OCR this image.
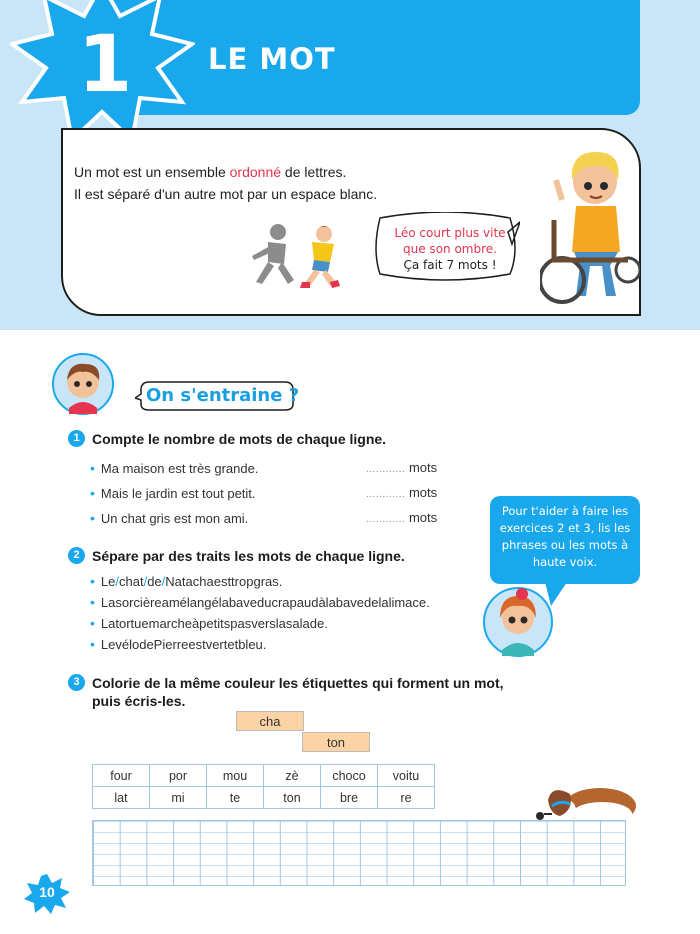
1	LE MOT
Un mot est un ensemble ordonné de lettres.
Il est séparé d'un autre mot par un espace blanc.
Léo court plus vite
que son ombre.
Ça fait 7 mots !
On s'entraine ?
1 Compte le nombre de mots de chaque ligne.
• Ma maison est très grande.	............ mots
• Mais le jardin est tout petit.	............ mots
• Un chat gris est mon ami.	............ mots	Pour t'aider à faire les exercices 2 et 3, lis les phrases ou les mots à haute voix.
2 Sépare par des traits les mots de chaque ligne.
• Le/chat/de/Natachaesttropgras.
• Lasorcièreamélangélabaveducrapaudàlabavedelalimace.
• Latortuemarcheàpetitspasverslasalade.
• LevélodePierreestvertetbleu.
3 Colorie de la même couleur les étiquettes qui forment un mot,
puis écris-les.
cha
ton
four	por	mou	zè	choco	voitu
lat	mi	te	ton	bre	re
10
